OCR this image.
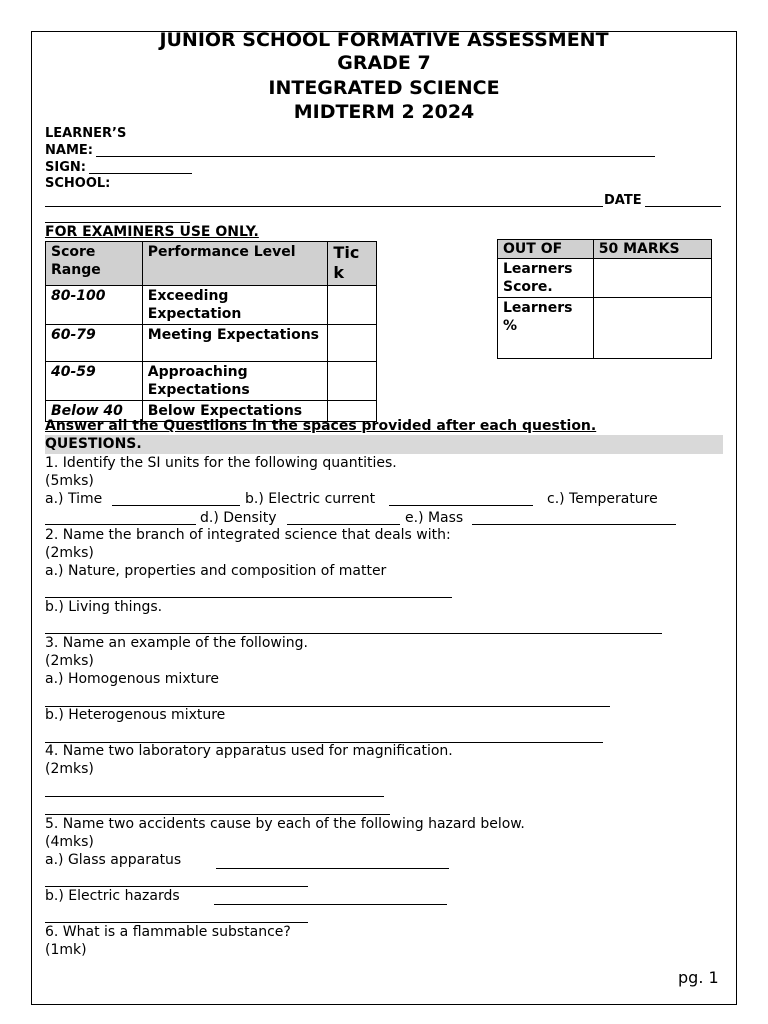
JUNIOR SCHOOL FORMATIVE ASSESSMENT
GRADE 7
INTEGRATED SCIENCE
MIDTERM 2 2024
LEARNER’S
NAME:
SIGN:
SCHOOL:
DATE
FOR EXAMINERS USE ONLY.
Score Range	Performance Level	Tic k
80-100	Exceeding Expectation	
60-79	Meeting Expectations	
40-59	Approaching Expectations	
Below 40	Below Expectations	
OUT OF	50 MARKS
Learners Score.	
Learners %	
Answer all the Questiions in the spaces provided after each question.
QUESTIONS.
1. Identify the SI units for the following quantities.
(5mks)
a.) Time	b.) Electric current	c.) Temperature
d.) Density	e.) Mass
2. Name the branch of integrated science that deals with:
(2mks)
a.) Nature, properties and composition of matter
b.) Living things.
3. Name an example of the following.
(2mks)
a.) Homogenous mixture
b.) Heterogenous mixture
4. Name two laboratory apparatus used for magnification.
(2mks)
5. Name two accidents cause by each of the following hazard below.
(4mks)
a.) Glass apparatus
b.) Electric hazards
6. What is a flammable substance?
(1mk)
pg. 1
